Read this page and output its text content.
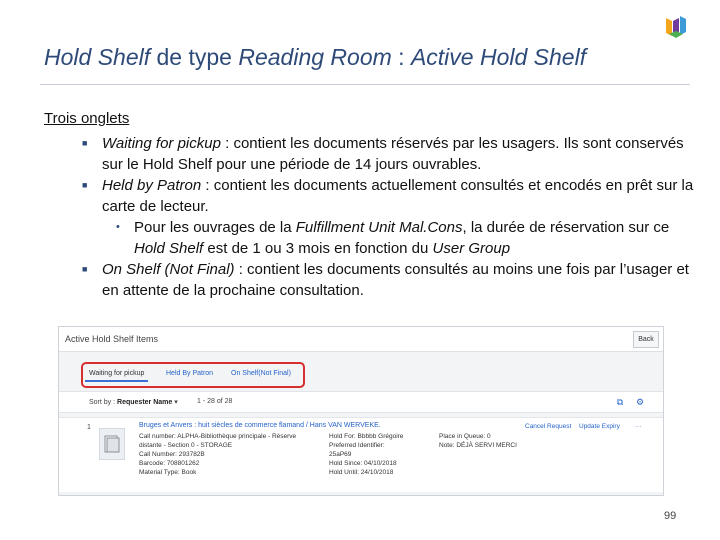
Hold Shelf de type Reading Room : Active Hold Shelf
Trois onglets
■ Waiting for pickup : contient les documents réservés par les usagers. Ils sont conservés sur le Hold Shelf pour une période de 14 jours ouvrables.
■ Held by Patron : contient les documents actuellement consultés et encodés en prêt sur la carte de lecteur.
• Pour les ouvrages de la Fulfillment Unit Mal.Cons, la durée de réservation sur ce Hold Shelf est de 1 ou 3 mois en fonction du User Group
■ On Shelf (Not Final) : contient les documents consultés au moins une fois par l’usager et en attente de la prochaine consultation.
Active Hold Shelf Items	Back
Waiting for pickup	Held By Patron	On Shelf(Not Final)
Sort by : Requester Name ▾	1 - 28 of 28	⧉ ⚙
1	Bruges et Anvers : huit siècles de commerce flamand / Hans VAN WERVEKE.
Call number: ALPHA-Bibliothèque principale - Réserve
distante - Section 0 - STORAGE
Call Number: 293782B
Barcode: 708801262
Material Type: Book
Hold For: Bbbbb Grégoire
Preferred Identifier:
25aP69
Hold Since: 04/10/2018
Hold Until: 24/10/2018
Place in Queue: 0
Note: DÉJÀ SERVI MERCI
Cancel Request Update Expiry ···
99
